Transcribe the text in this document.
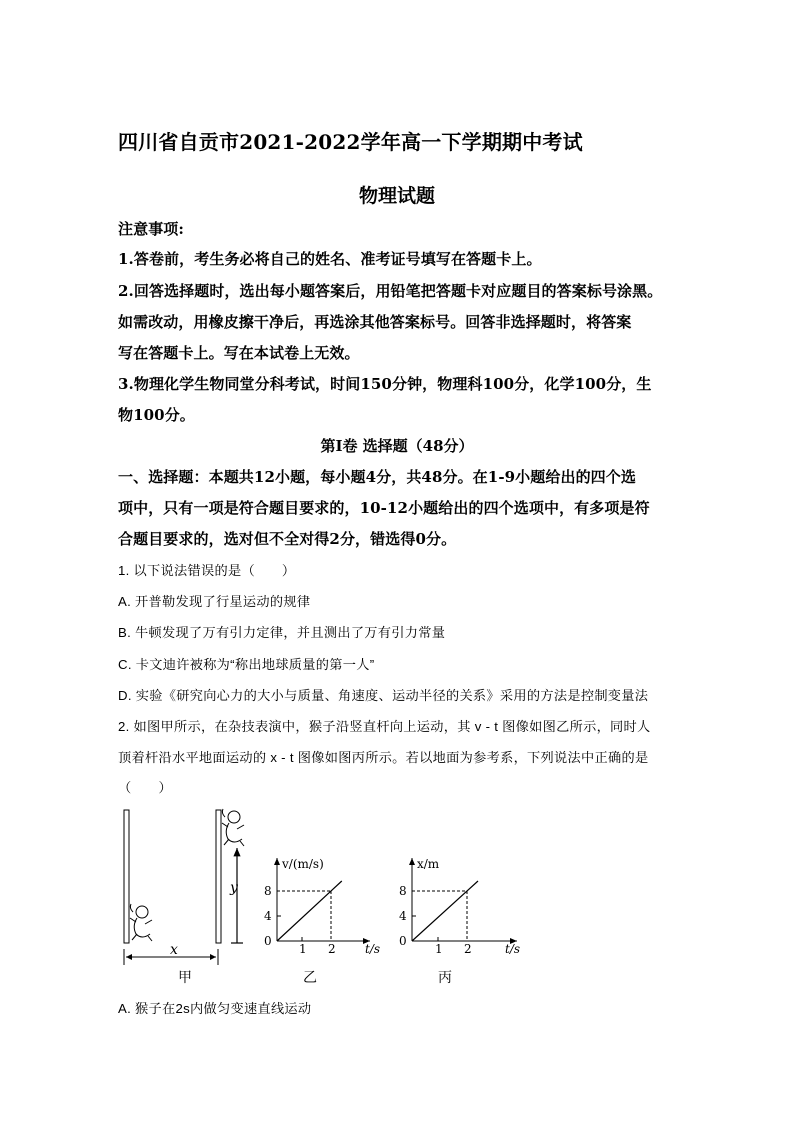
四川省自贡市2021-2022学年高一下学期期中考试
物理试题
注意事项:
1.答卷前，考生务必将自己的姓名、准考证号填写在答题卡上。
2.回答选择题时，选出每小题答案后，用铅笔把答题卡对应题目的答案标号涂黑。
如需改动，用橡皮擦干净后，再选涂其他答案标号。回答非选择题时，将答案
写在答题卡上。写在本试卷上无效。
3.物理化学生物同堂分科考试，时间150分钟，物理科100分，化学100分，生
物100分。
第I卷 选择题（48分）
一、选择题：本题共12小题，每小题4分，共48分。在1-9小题给出的四个选
项中，只有一项是符合题目要求的，10-12小题给出的四个选项中，有多项是符
合题目要求的，选对但不全对得2分，错选得0分。
1. 以下说法错误的是（　　）
A. 开普勒发现了行星运动的规律
B. 牛顿发现了万有引力定律，并且测出了万有引力常量
C. 卡文迪许被称为“称出地球质量的第一人”
D. 实验《研究向心力的大小与质量、角速度、运动半径的关系》采用的方法是控制变量法
2. 如图甲所示，在杂技表演中，猴子沿竖直杆向上运动，其 v - t 图像如图乙所示，同时人
顶着杆沿水平地面运动的 x - t 图像如图丙所示。若以地面为参考系，下列说法中正确的是
（　　）
y
x
甲
v/(m/s)
t/s
8
4
0
1 2
乙
x/m
t/s
8
4
0
1 2
丙
A. 猴子在2s内做匀变速直线运动
